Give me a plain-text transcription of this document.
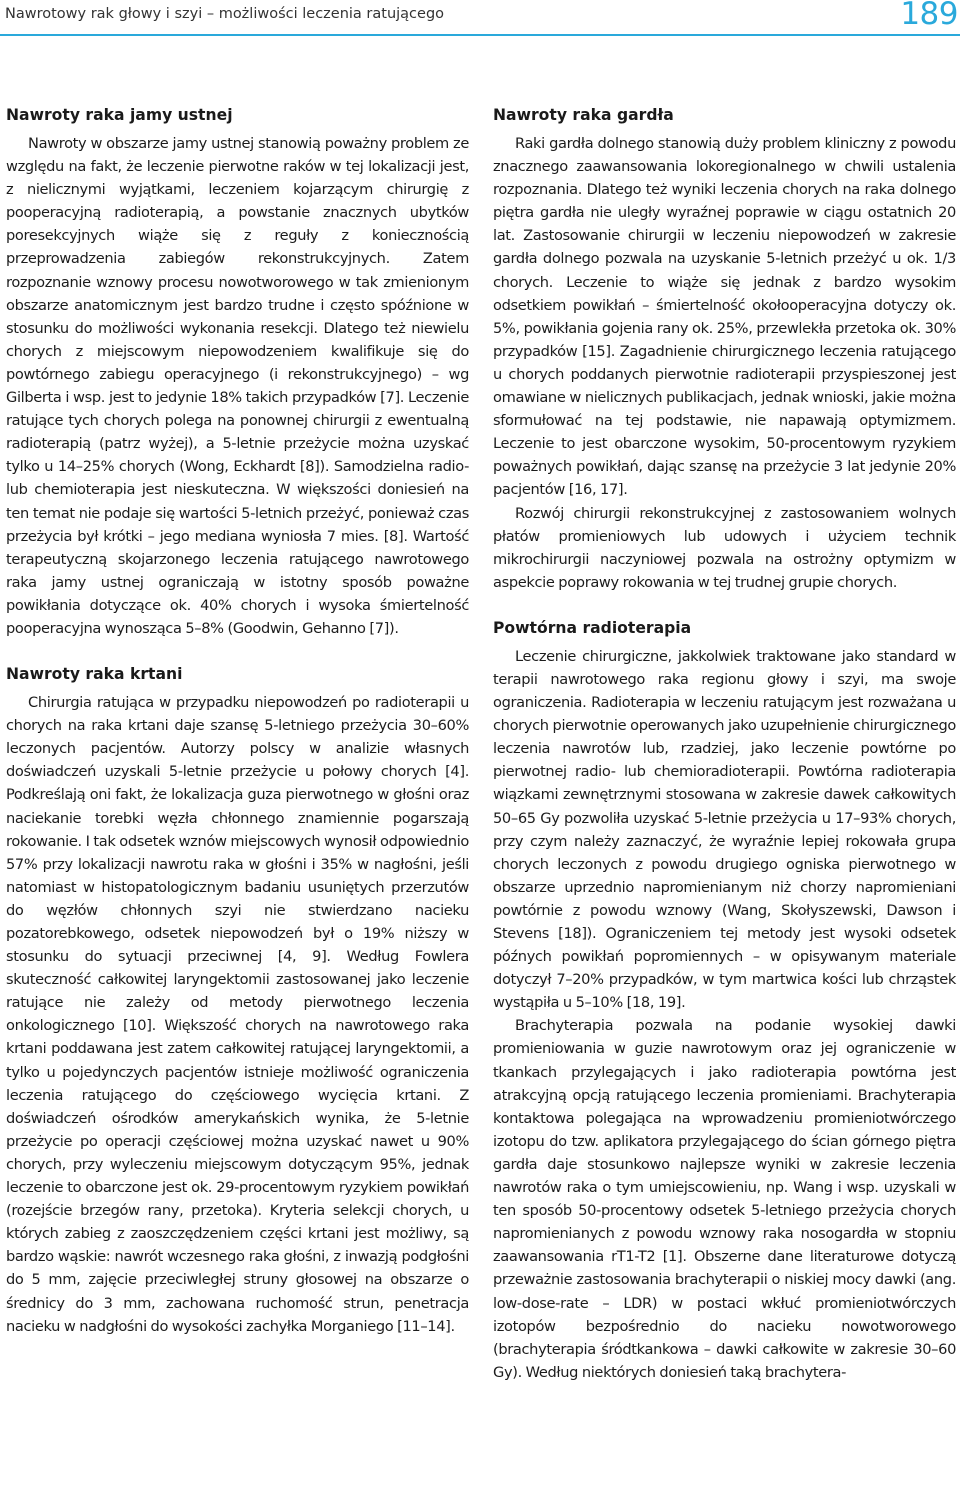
Nawrotowy rak głowy i szyi – możliwości leczenia ratującego	189
Nawroty raka jamy ustnej

Nawroty w obszarze jamy ustnej stanowią poważny problem ze względu na fakt, że leczenie pierwotne raków w tej lokalizacji jest, z nielicznymi wyjątkami, leczeniem kojarzącym chirurgię z pooperacyjną radioterapią, a powstanie znacznych ubytków poresekcyjnych wiąże się z reguły z koniecznością przeprowadzenia zabiegów rekonstrukcyjnych. Zatem rozpoznanie wznowy procesu nowotworowego w tak zmienionym obszarze anatomicznym jest bardzo trudne i często spóźnione w stosunku do możliwości wykonania resekcji. Dlatego też niewielu chorych z miejscowym niepowodzeniem kwalifikuje się do powtórnego zabiegu operacyjnego (i rekonstrukcyjnego) – wg Gilberta i wsp. jest to jedynie 18% takich przypadków [7]. Leczenie ratujące tych chorych polega na ponownej chirurgii z ewentualną radioterapią (patrz wyżej), a 5-letnie przeżycie można uzyskać tylko u 14–25% chorych (Wong, Eckhardt [8]). Samodzielna radio-lub chemioterapia jest nieskuteczna. W większości doniesień na ten temat nie podaje się wartości 5-letnich przeżyć, ponieważ czas przeżycia był krótki – jego mediana wyniosła 7 mies. [8]. Wartość terapeutyczną skojarzonego leczenia ratującego nawrotowego raka jamy ustnej ograniczają w istotny sposób poważne powikłania dotyczące ok. 40% chorych i wysoka śmiertelność pooperacyjna wynosząca 5–8% (Goodwin, Gehanno [7]).

Nawroty raka krtani

Chirurgia ratująca w przypadku niepowodzeń po radioterapii u chorych na raka krtani daje szansę 5-letniego przeżycia 30–60% leczonych pacjentów. Autorzy polscy w analizie własnych doświadczeń uzyskali 5-letnie przeżycie u połowy chorych [4]. Podkreślają oni fakt, że lokalizacja guza pierwotnego w głośni oraz naciekanie torebki węzła chłonnego znamiennie pogarszają rokowanie. I tak odsetek wznów miejscowych wynosił odpowiednio 57% przy lokalizacji nawrotu raka w głośni i 35% w nagłośni, jeśli natomiast w histopatologicznym badaniu usuniętych przerzutów do węzłów chłonnych szyi nie stwierdzano nacieku pozatorebkowego, odsetek niepowodzeń był o 19% niższy w stosunku do sytuacji przeciwnej [4, 9]. Według Fowlera skuteczność całkowitej laryngektomii zastosowanej jako leczenie ratujące nie zależy od metody pierwotnego leczenia onkologicznego [10]. Większość chorych na nawrotowego raka krtani poddawana jest zatem całkowitej ratującej laryngektomii, a tylko u pojedynczych pacjentów istnieje możliwość ograniczenia leczenia ratującego do częściowego wycięcia krtani. Z doświadczeń ośrodków amerykańskich wynika, że 5-letnie przeżycie po operacji częściowej można uzyskać nawet u 90% chorych, przy wyleczeniu miejscowym dotyczącym 95%, jednak leczenie to obarczone jest ok. 29-procentowym ryzykiem powikłań (rozejście brzegów rany, przetoka). Kryteria selekcji chorych, u których zabieg z zaoszczędzeniem części krtani jest możliwy, są bardzo wąskie: nawrót wczesnego raka głośni, z inwazją podgłośni do 5 mm, zajęcie przeciwległej struny głosowej na obszarze o średnicy do 3 mm, zachowana ruchomość strun, penetracja nacieku w nadgłośni do wysokości zachyłka Morganiego [11–14].

Nawroty raka gardła

Raki gardła dolnego stanowią duży problem kliniczny z powodu znacznego zaawansowania lokoregionalnego w chwili ustalenia rozpoznania. Dlatego też wyniki leczenia chorych na raka dolnego piętra gardła nie uległy wyraźnej poprawie w ciągu ostatnich 20 lat. Zastosowanie chirurgii w leczeniu niepowodzeń w zakresie gardła dolnego pozwala na uzyskanie 5-letnich przeżyć u ok. 1/3 chorych. Leczenie to wiąże się jednak z bardzo wysokim odsetkiem powikłań – śmiertelność okołooperacyjna dotyczy ok. 5%, powikłania gojenia rany ok. 25%, przewlekła przetoka ok. 30% przypadków [15]. Zagadnienie chirurgicznego leczenia ratującego u chorych poddanych pierwotnie radioterapii przyspieszonej jest omawiane w nielicznych publikacjach, jednak wnioski, jakie można sformułować na tej podstawie, nie napawają optymizmem. Leczenie to jest obarczone wysokim, 50-procentowym ryzykiem poważnych powikłań, dając szansę na przeżycie 3 lat jedynie 20% pacjentów [16, 17].

Rozwój chirurgii rekonstrukcyjnej z zastosowaniem wolnych płatów promieniowych lub udowych i użyciem technik mikrochirurgii naczyniowej pozwala na ostrożny optymizm w aspekcie poprawy rokowania w tej trudnej grupie chorych.

Powtórna radioterapia

Leczenie chirurgiczne, jakkolwiek traktowane jako standard w terapii nawrotowego raka regionu głowy i szyi, ma swoje ograniczenia. Radioterapia w leczeniu ratującym jest rozważana u chorych pierwotnie operowanych jako uzupełnienie chirurgicznego leczenia nawrotów lub, rzadziej, jako leczenie powtórne po pierwotnej radio- lub chemioradioterapii. Powtórna radioterapia wiązkami zewnętrznymi stosowana w zakresie dawek całkowitych 50–65 Gy pozwoliła uzyskać 5-letnie przeżycia u 17–93% chorych, przy czym należy zaznaczyć, że wyraźnie lepiej rokowała grupa chorych leczonych z powodu drugiego ogniska pierwotnego w obszarze uprzednio napromienianym niż chorzy napromieniani powtórnie z powodu wznowy (Wang, Skołyszewski, Dawson i Stevens [18]). Ograniczeniem tej metody jest wysoki odsetek późnych powikłań popromiennych – w opisywanym materiale dotyczył 7–20% przypadków, w tym martwica kości lub chrząstek wystąpiła u 5–10% [18, 19].

Brachyterapia pozwala na podanie wysokiej dawki promieniowania w guzie nawrotowym oraz jej ograniczenie w tkankach przylegających i jako radioterapia powtórna jest atrakcyjną opcją ratującego leczenia promieniami. Brachyterapia kontaktowa polegająca na wprowadzeniu promieniotwórczego izotopu do tzw. aplikatora przylegającego do ścian górnego piętra gardła daje stosunkowo najlepsze wyniki w zakresie leczenia nawrotów raka o tym umiejscowieniu, np. Wang i wsp. uzyskali w ten sposób 50-procentowy odsetek 5-letniego przeżycia chorych napromienianych z powodu wznowy raka nosogardła w stopniu zaawansowania rT1-T2 [1]. Obszerne dane literaturowe dotyczą przeważnie zastosowania brachyterapii o niskiej mocy dawki (ang. low-dose-rate – LDR) w postaci wkłuć promieniotwórczych izotopów bezpośrednio do nacieku nowotworowego (brachyterapia śródtkankowa – dawki całkowite w zakresie 30–60 Gy). Według niektórych doniesień taką brachytera-
